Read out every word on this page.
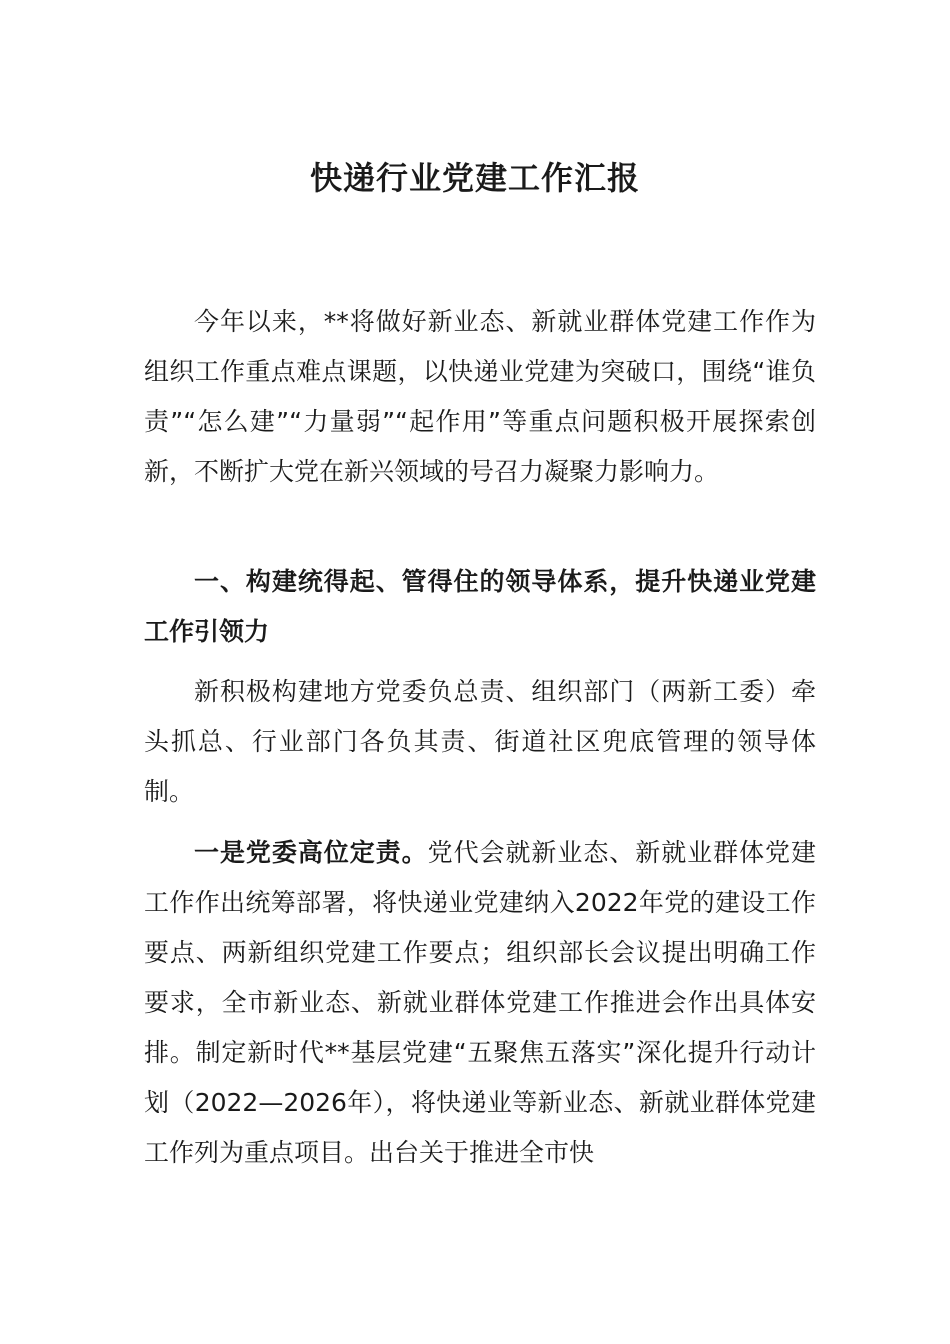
快递行业党建工作汇报

今年以来，**将做好新业态、新就业群体党建工作作为组织工作重点难点课题，以快递业党建为突破口，围绕“谁负责”“怎么建”“力量弱”“起作用”等重点问题积极开展探索创新，不断扩大党在新兴领域的号召力凝聚力影响力。

一、构建统得起、管得住的领导体系，提升快递业党建工作引领力

新积极构建地方党委负总责、组织部门（两新工委）牵头抓总、行业部门各负其责、街道社区兜底管理的领导体制。

一是党委高位定责。党代会就新业态、新就业群体党建工作作出统筹部署，将快递业党建纳入2022年党的建设工作要点、两新组织党建工作要点；组织部长会议提出明确工作要求，全市新业态、新就业群体党建工作推进会作出具体安排。制定新时代**基层党建“五聚焦五落实”深化提升行动计划（2022—2026年），将快递业等新业态、新就业群体党建工作列为重点项目。出台关于推进全市快
